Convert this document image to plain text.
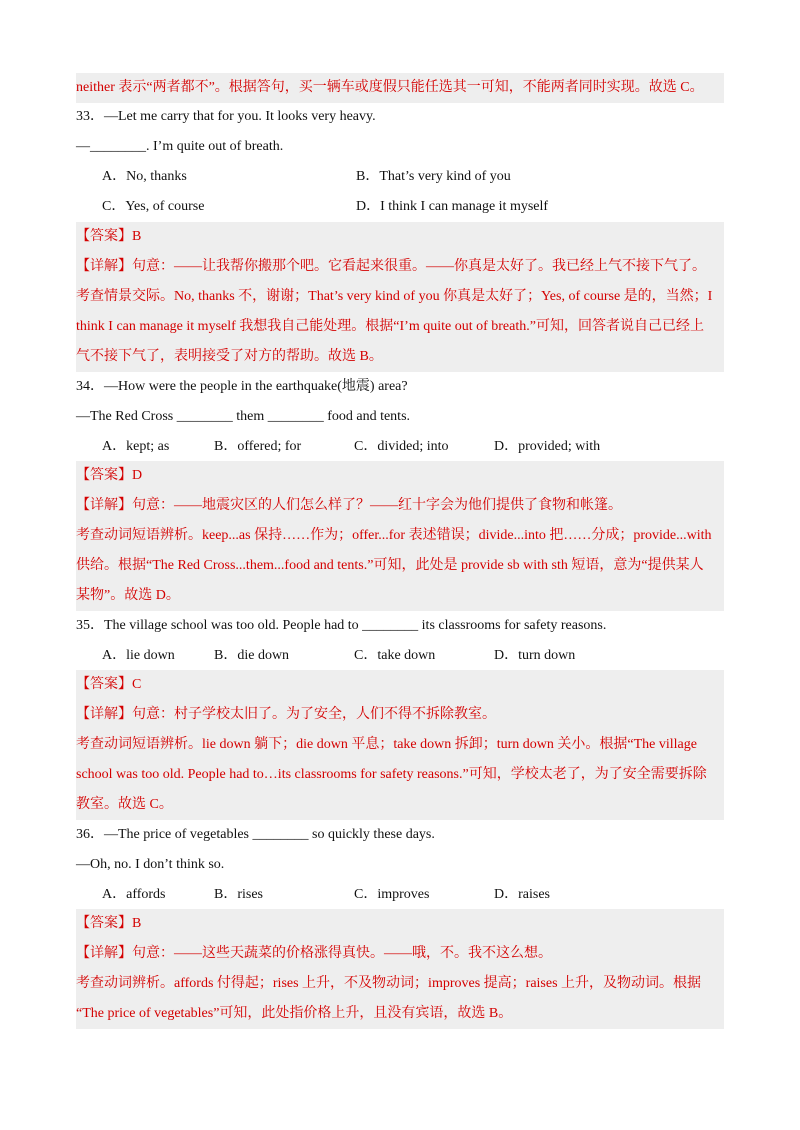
neither 表示“两者都不”。根据答句，买一辆车或度假只能任选其一可知，不能两者同时实现。故选 C。
33．—Let me carry that for you. It looks very heavy.
—________. I’m quite out of breath.
A．No, thanks	B．That’s very kind of you
C．Yes, of course	D．I think I can manage it myself
【答案】B
【详解】句意：——让我帮你搬那个吧。它看起来很重。——你真是太好了。我已经上气不接下气了。
考查情景交际。No, thanks 不，谢谢；That’s very kind of you 你真是太好了；Yes, of course 是的，当然；I
think I can manage it myself 我想我自己能处理。根据“I’m quite out of breath.”可知，回答者说自己已经上
气不接下气了，表明接受了对方的帮助。故选 B。
34．—How were the people in the earthquake(地震) area?
—The Red Cross ________ them ________ food and tents.
A．kept; as	B．offered; for	C．divided; into	D．provided; with
【答案】D
【详解】句意：——地震灾区的人们怎么样了？——红十字会为他们提供了食物和帐篷。
考查动词短语辨析。keep...as 保持……作为；offer...for 表述错误；divide...into 把……分成；provide...with
供给。根据“The Red Cross...them...food and tents.”可知，此处是 provide sb with sth 短语，意为“提供某人
某物”。故选 D。
35．The village school was too old. People had to ________ its classrooms for safety reasons.
A．lie down	B．die down	C．take down	D．turn down
【答案】C
【详解】句意：村子学校太旧了。为了安全，人们不得不拆除教室。
考查动词短语辨析。lie down 躺下；die down 平息；take down 拆卸；turn down 关小。根据“The village
school was too old. People had to…its classrooms for safety reasons.”可知，学校太老了，为了安全需要拆除
教室。故选 C。
36．—The price of vegetables ________ so quickly these days.
—Oh, no. I don’t think so.
A．affords	B．rises	C．improves	D．raises
【答案】B
【详解】句意：——这些天蔬菜的价格涨得真快。——哦，不。我不这么想。
考查动词辨析。affords 付得起；rises 上升，不及物动词；improves 提高；raises 上升，及物动词。根据
“The price of vegetables”可知，此处指价格上升，且没有宾语，故选 B。
